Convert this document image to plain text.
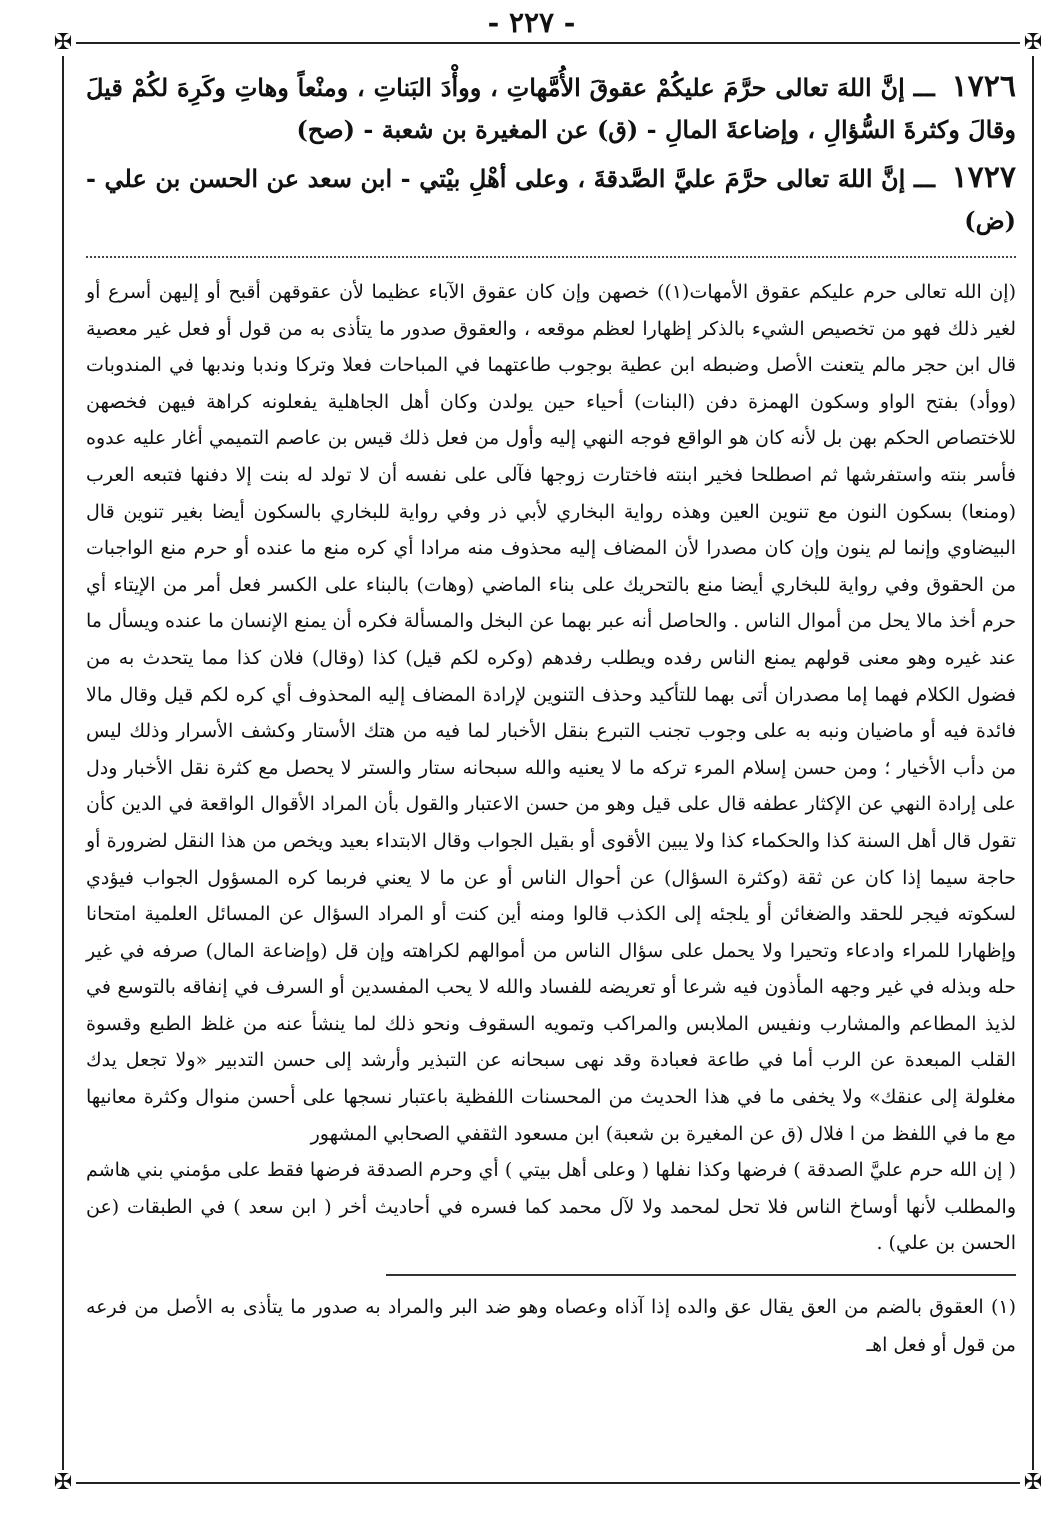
- ٢٢٧ -
✠	✠
✠	✠

١٧٢٦ ـــ إنَّ اللهَ تعالى حرَّمَ عليكُمْ عقوقَ الأُمَّهاتِ ، ووأْدَ البَناتِ ، ومنْعاً وهاتِ وكَرِهَ لكُمْ قيلَ وقالَ وكثرةَ السُّؤالِ ، وإضاعةَ المالِ - (ق) عن المغيرة بن شعبة - (صح)

١٧٢٧ ـــ إنَّ اللهَ تعالى حرَّمَ عليَّ الصَّدقةَ ، وعلى أهْلِ بيْتي - ابن سعد عن الحسن بن علي - (ض)

(إن الله تعالى حرم عليكم عقوق الأمهات(١)) خصهن وإن كان عقوق الآباء عظيما لأن عقوقهن أقبح أو إليهن أسرع أو لغير ذلك فهو من تخصيص الشيء بالذكر إظهارا لعظم موقعه ، والعقوق صدور ما يتأذى به من قول أو فعل غير معصية قال ابن حجر مالم يتعنت الأصل وضبطه ابن عطية بوجوب طاعتهما في المباحات فعلا وتركا وندبا وندبها في المندوبات (ووأد) بفتح الواو وسكون الهمزة دفن (البنات) أحياء حين يولدن وكان أهل الجاهلية يفعلونه كراهة فيهن فخصهن للاختصاص الحكم بهن بل لأنه كان هو الواقع فوجه النهي إليه وأول من فعل ذلك قيس بن عاصم التميمي أغار عليه عدوه فأسر بنته واستفرشها ثم اصطلحا فخير ابنته فاختارت زوجها فآلى على نفسه أن لا تولد له بنت إلا دفنها فتبعه العرب (ومنعا) بسكون النون مع تنوين العين وهذه رواية البخاري لأبي ذر وفي رواية للبخاري بالسكون أيضا بغير تنوين قال البيضاوي وإنما لم ينون وإن كان مصدرا لأن المضاف إليه محذوف منه مرادا أي كره منع ما عنده أو حرم منع الواجبات من الحقوق وفي رواية للبخاري أيضا منع بالتحريك على بناء الماضي (وهات) بالبناء على الكسر فعل أمر من الإيتاء أي حرم أخذ مالا يحل من أموال الناس . والحاصل أنه عبر بهما عن البخل والمسألة فكره أن يمنع الإنسان ما عنده ويسأل ما عند غيره وهو معنى قولهم يمنع الناس رفده ويطلب رفدهم (وكره لكم قيل) كذا (وقال) فلان كذا مما يتحدث به من فضول الكلام فهما إما مصدران أتى بهما للتأكيد وحذف التنوين لإرادة المضاف إليه المحذوف أي كره لكم قيل وقال مالا فائدة فيه أو ماضيان ونبه به على وجوب تجنب التبرع بنقل الأخبار لما فيه من هتك الأستار وكشف الأسرار وذلك ليس من دأب الأخيار ؛ ومن حسن إسلام المرء تركه ما لا يعنيه والله سبحانه ستار والستر لا يحصل مع كثرة نقل الأخبار ودل على إرادة النهي عن الإكثار عطفه قال على قيل وهو من حسن الاعتبار والقول بأن المراد الأقوال الواقعة في الدين كأن تقول قال أهل السنة كذا والحكماء كذا ولا يبين الأقوى أو بقيل الجواب وقال الابتداء بعيد ويخص من هذا النقل لضرورة أو حاجة سيما إذا كان عن ثقة (وكثرة السؤال) عن أحوال الناس أو عن ما لا يعني فربما كره المسؤول الجواب فيؤدي لسكوته فيجر للحقد والضغائن أو يلجئه إلى الكذب قالوا ومنه أين كنت أو المراد السؤال عن المسائل العلمية امتحانا وإظهارا للمراء وادعاء وتحيرا ولا يحمل على سؤال الناس من أموالهم لكراهته وإن قل (وإضاعة المال) صرفه في غير حله وبذله في غير وجهه المأذون فيه شرعا أو تعريضه للفساد والله لا يحب المفسدين أو السرف في إنفاقه بالتوسع في لذيذ المطاعم والمشارب ونفيس الملابس والمراكب وتمويه السقوف ونحو ذلك لما ينشأ عنه من غلظ الطبع وقسوة القلب المبعدة عن الرب أما في طاعة فعبادة وقد نهى سبحانه عن التبذير وأرشد إلى حسن التدبير «ولا تجعل يدك مغلولة إلى عنقك» ولا يخفى ما في هذا الحديث من المحسنات اللفظية باعتبار نسجها على أحسن منوال وكثرة معانيها مع ما في اللفظ من ا فلال (ق عن المغيرة بن شعبة) ابن مسعود الثقفي الصحابي المشهور

( إن الله حرم عليَّ الصدقة ) فرضها وكذا نفلها ( وعلى أهل بيتي ) أي وحرم الصدقة فرضها فقط على مؤمني بني هاشم والمطلب لأنها أوساخ الناس فلا تحل لمحمد ولا لآل محمد كما فسره في أحاديث أخر ( ابن سعد ) في الطبقات (عن الحسن بن علي) .

(١) العقوق بالضم من العق يقال عق والده إذا آذاه وعصاه وهو ضد البر والمراد به صدور ما يتأذى به الأصل من فرعه من قول أو فعل اهـ
